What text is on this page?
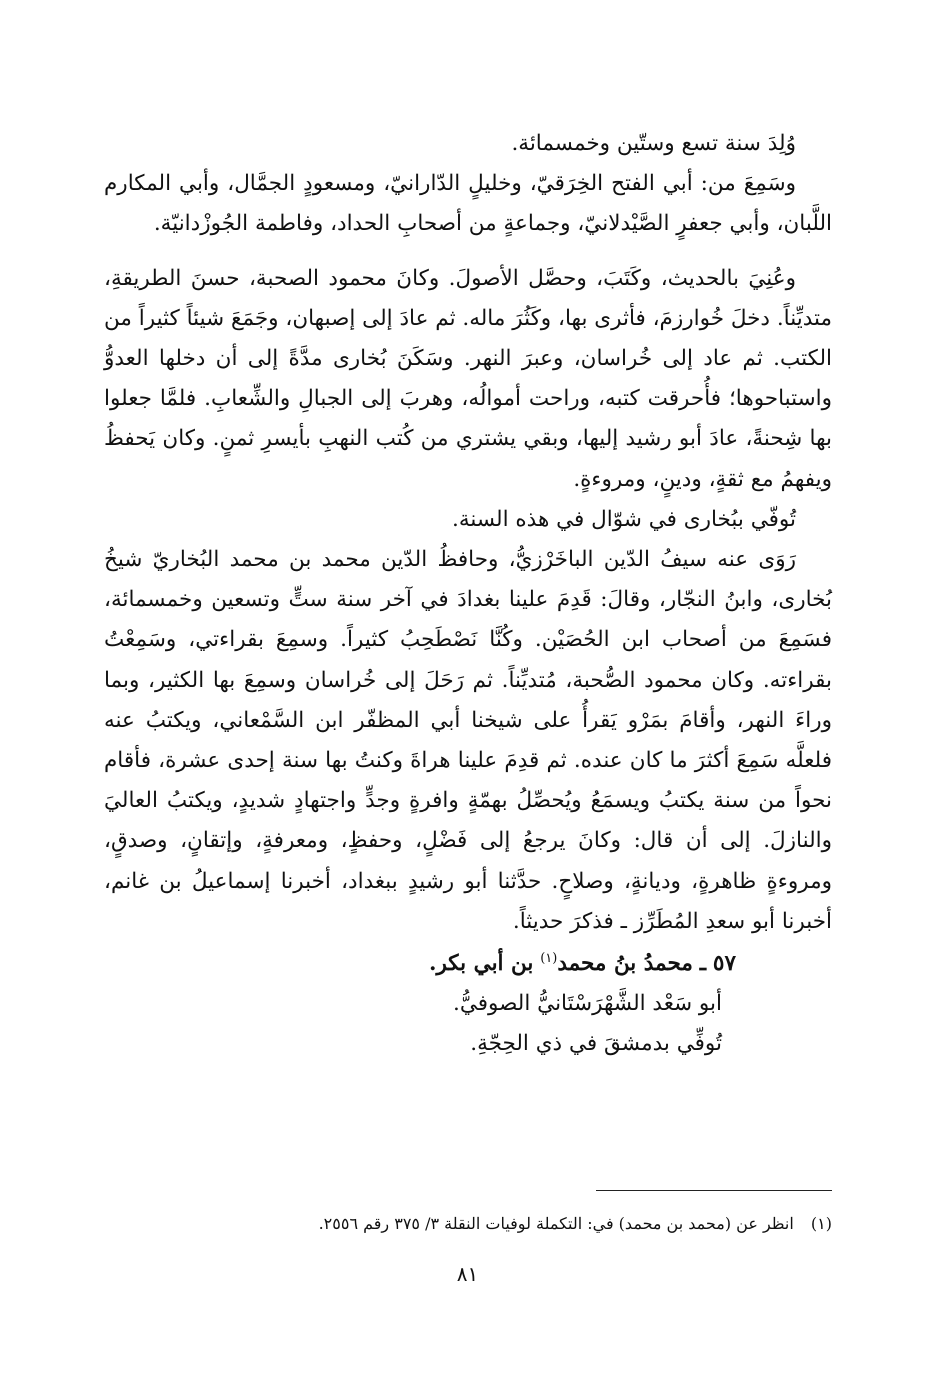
وُلِدَ سنة تسع وستّين وخمسمائة.

وسَمِعَ من: أبي الفتح الخِرَقيّ، وخليلٍ الدّارانيّ، ومسعودٍ الجمَّال، وأبي المكارم اللَّبان، وأبي جعفرٍ الصَّيْدلانيّ، وجماعةٍ من أصحابِ الحداد، وفاطمة الجُوزْدانيّة.

وعُنِيَ بالحديث، وكَتَبَ، وحصَّل الأصولَ. وكانَ محمود الصحبة، حسنَ الطريقةِ، متديِّناً. دخلَ خُوارزمَ، فأثرى بها، وكَثُرَ ماله. ثم عادَ إلى إصبهان، وجَمَعَ شيئاً كثيراً من الكتب. ثم عاد إلى خُراسان، وعبرَ النهر. وسَكَنَ بُخارى مدَّةً إلى أن دخلها العدوُّ واستباحوها؛ فأُحرقت كتبه، وراحت أموالُه، وهربَ إلى الجبالِ والشِّعابِ. فلمَّا جعلوا بها شِحنةً، عادَ أبو رشيد إليها، وبقي يشتري من كُتب النهبِ بأيسرِ ثمنٍ. وكان يَحفظُ ويفهمُ مع ثقةٍ، ودينٍ، ومروءةٍ.

تُوفّي ببُخارى في شوّال في هذه السنة.

رَوَى عنه سيفُ الدّين الباخَرْزيُّ، وحافظُ الدّين محمد بن محمد البُخاريّ شيخُ بُخارى، وابنُ النجّار، وقالَ: قَدِمَ علينا بغدادَ في آخر سنة ستٍّ وتسعين وخمسمائة، فسَمِعَ من أصحاب ابن الحُصَيْن. وكُنَّا نَصْطَحِبُ كثيراً. وسمِعَ بقراءتي، وسَمِعْتُ بقراءته. وكان محمود الصُّحبة، مُتديِّناً. ثم رَحَلَ إلى خُراسان وسمِعَ بها الكثير، وبما وراءَ النهر، وأقامَ بمَرْو يَقرأُ على شيخنا أبي المظفّر ابن السَّمْعاني، ويكتبُ عنه فلعلَّه سَمِعَ أكثرَ ما كان عنده. ثم قدِمَ علينا هراةَ وكنتُ بها سنة إحدى عشرة، فأقام نحواً من سنة يكتبُ ويسمَعُ ويُحصِّلُ بهمّةٍ وافرةٍ وجدٍّ واجتهادٍ شديدٍ، ويكتبُ العاليَ والنازلَ. إلى أن قال: وكانَ يرجعُ إلى فَضْلٍ، وحفظٍ، ومعرفةٍ، وإتقانٍ، وصدقٍ، ومروءةٍ ظاهرةٍ، وديانةٍ، وصلاحٍ. حدَّثنا أبو رشيدٍ ببغداد، أخبرنا إسماعيلُ بن غانم، أخبرنا أبو سعدِ المُطَرِّز ـ فذكرَ حديثاً.

٥٧ ـ محمدُ بنُ محمد$^{(١)}$ بن أبي بكر.

أبو سَعْد الشَّهْرَسْتَانيُّ الصوفيُّ.

تُوفِّي بدمشقَ في ذي الحِجّةِ.

(١) انظر عن (محمد بن محمد) في: التكملة لوفيات النقلة ٣/ ٣٧٥ رقم ٢٥٥٦.
٨١
